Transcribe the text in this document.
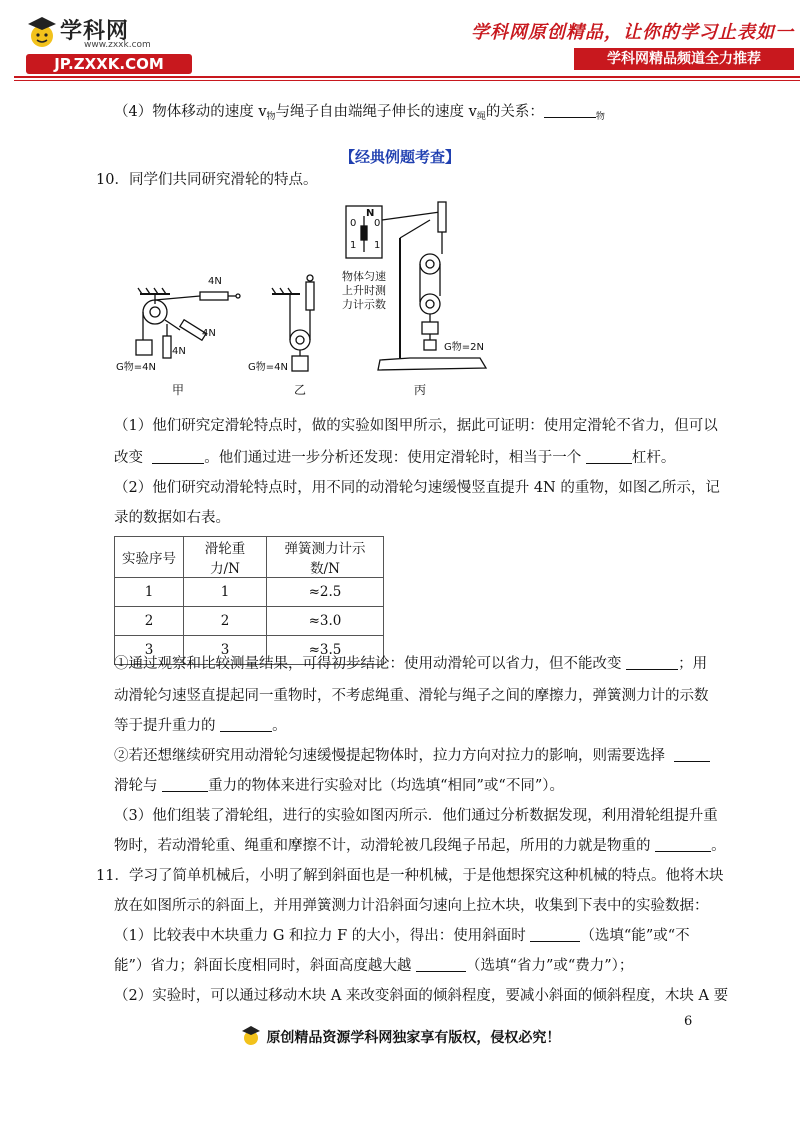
学科网
www.zxxk.com
JP.ZXXK.COM
学科网原创精品，让你的学习止表如一
学科网精品频道全力推荐
（4）物体移动的速度 $v_物$与绳子自由端绳子伸长的速度 $v_绳$的关系：	$_物$
【经典例题考查】
10．同学们共同研究滑轮的特点。
4N
4N
4N
G物=4N	G物=4N
G物=2N
物体匀速
上升时测
力计示数
N
0 0
1 1
甲	乙	丙
（1）他们研究定滑轮特点时，做的实验如图甲所示，据此可证明：使用定滑轮不省力，但可以
改变	。他们通过进一步分析还发现：使用定滑轮时，相当于一个	杠杆。
（2）他们研究动滑轮特点时，用不同的动滑轮匀速缓慢竖直提升 4N 的重物，如图乙所示，记
录的数据如右表。
实验序号	滑轮重力/N	弹簧测力计示数/N
1	1	≈2.5
2	2	≈3.0
3	3	≈3.5
①通过观察和比较测量结果，可得初步结论：使用动滑轮可以省力，但不能改变	；用
动滑轮匀速竖直提起同一重物时，不考虑绳重、滑轮与绳子之间的摩擦力，弹簧测力计的示数
等于提升重力的	。
②若还想继续研究用动滑轮匀速缓慢提起物体时，拉力方向对拉力的影响，则需要选择
滑轮与	重力的物体来进行实验对比（均选填“相同”或“不同”）。
（3）他们组装了滑轮组，进行的实验如图丙所示．他们通过分析数据发现，利用滑轮组提升重
物时，若动滑轮重、绳重和摩擦不计，动滑轮被几段绳子吊起，所用的力就是物重的	。
11．学习了简单机械后，小明了解到斜面也是一种机械，于是他想探究这种机械的特点。他将木块
放在如图所示的斜面上，并用弹簧测力计沿斜面匀速向上拉木块，收集到下表中的实验数据：
（1）比较表中木块重力 G 和拉力 F 的大小，得出：使用斜面时	（选填“能”或“不
能”）省力；斜面长度相同时，斜面高度越大越	（选填“省力”或“费力”）；
（2）实验时，可以通过移动木块 A 来改变斜面的倾斜程度，要减小斜面的倾斜程度，木块 A 要
6
原创精品资源学科网独家享有版权，侵权必究！
